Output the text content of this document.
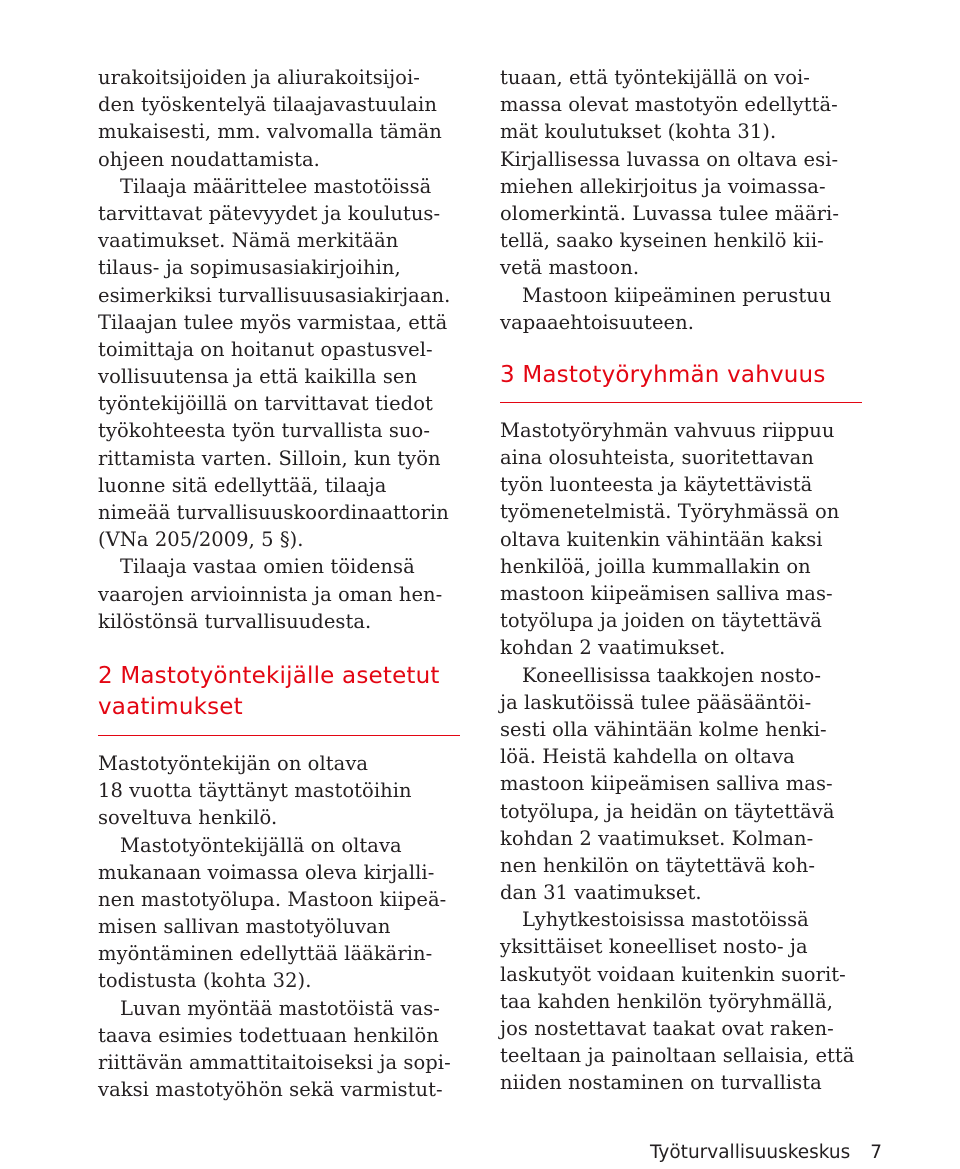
urakoitsijoiden ja aliurakoitsijoi-
den työskentelyä tilaajavastuulain
mukaisesti, mm. valvomalla tämän
ohjeen noudattamista.
Tilaaja määrittelee mastotöissä
tarvittavat pätevyydet ja koulutus-
vaatimukset. Nämä merkitään
tilaus- ja sopimusasiakirjoihin,
esimerkiksi turvallisuusasiakirjaan.
Tilaajan tulee myös varmistaa, että
toimittaja on hoitanut opastusvel-
vollisuutensa ja että kaikilla sen
työntekijöillä on tarvittavat tiedot
työkohteesta työn turvallista suo-
rittamista varten. Silloin, kun työn
luonne sitä edellyttää, tilaaja
nimeää turvallisuuskoordinaattorin
(VNa 205/2009, 5 §).
Tilaaja vastaa omien töidensä
vaarojen arvioinnista ja oman hen-
kilöstönsä turvallisuudesta.
2 Mastotyöntekijälle asetetut
vaatimukset
Mastotyöntekijän on oltava
18 vuotta täyttänyt mastotöihin
soveltuva henkilö.
Mastotyöntekijällä on oltava
mukanaan voimassa oleva kirjalli-
nen mastotyölupa. Mastoon kiipeä-
misen sallivan mastotyöluvan
myöntäminen edellyttää lääkärin-
todistusta (kohta 32).
Luvan myöntää mastotöistä vas-
taava esimies todettuaan henkilön
riittävän ammattitaitoiseksi ja sopi-
vaksi mastotyöhön sekä varmistut-
tuaan, että työntekijällä on voi-
massa olevat mastotyön edellyttä-
mät koulutukset (kohta 31).
Kirjallisessa luvassa on oltava esi-
miehen allekirjoitus ja voimassa-
olomerkintä. Luvassa tulee määri-
tellä, saako kyseinen henkilö kii-
vetä mastoon.
Mastoon kiipeäminen perustuu
vapaaehtoisuuteen.
3 Mastotyöryhmän vahvuus
Mastotyöryhmän vahvuus riippuu
aina olosuhteista, suoritettavan
työn luonteesta ja käytettävistä
työmenetelmistä. Työryhmässä on
oltava kuitenkin vähintään kaksi
henkilöä, joilla kummallakin on
mastoon kiipeämisen salliva mas-
totyölupa ja joiden on täytettävä
kohdan 2 vaatimukset.
Koneellisissa taakkojen nosto-
ja laskutöissä tulee pääsääntöi-
sesti olla vähintään kolme henki-
löä. Heistä kahdella on oltava
mastoon kiipeämisen salliva mas-
totyölupa, ja heidän on täytettävä
kohdan 2 vaatimukset. Kolman-
nen henkilön on täytettävä koh-
dan 31 vaatimukset.
Lyhytkestoisissa mastotöissä
yksittäiset koneelliset nosto- ja
laskutyöt voidaan kuitenkin suorit-
taa kahden henkilön työryhmällä,
jos nostettavat taakat ovat raken-
teeltaan ja painoltaan sellaisia, että
niiden nostaminen on turvallista
Työturvallisuuskeskus 7
